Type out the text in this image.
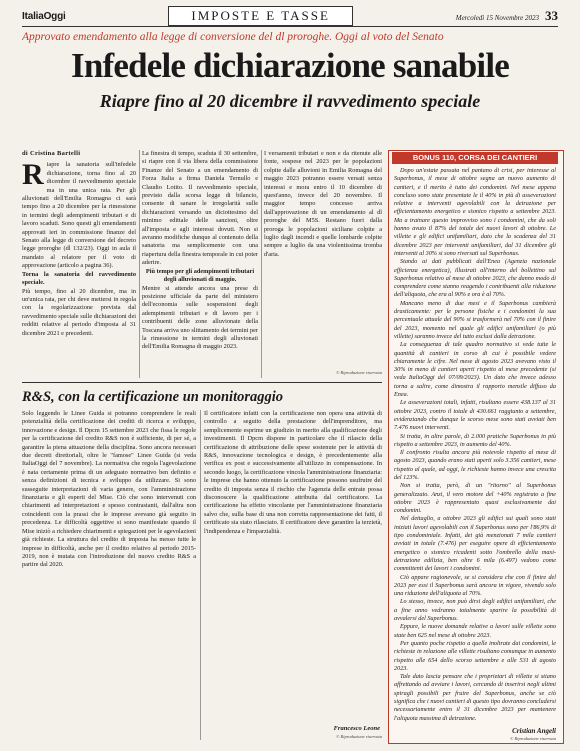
ItaliaOggi	IMPOSTE E TASSE	Mercoledì 15 Novembre 2023 33
Approvato emendamento alla legge di conversione del dl proroghe. Oggi al voto del Senato
Infedele dichiarazione sanabile
Riapre fino al 20 dicembre il ravvedimento speciale
di Cristina Bartelli

R iapre la sanatoria sull'infedele dichiarazione, torna fino al 20 dicembre il ravvedimento speciale ma in una unica rata. Per gli alluvionati dell'Emilia Romagna ci sarà tempo fino a 20 dicembre per la rimessione in termini degli adempimenti tributari e di lavoro scaduti. Sono questi gli emendamenti approvati ieri in commissione finanze del Senato alla legge di conversione del decreto legge proroghe (dl 132/23). Oggi in aula il mandato al relatore per il voto di approvazione (articolo a pagina 36).

Torna la sanatoria del ravvedimento speciale.

Più tempo, fino al 20 dicembre, ma in un'unica rata, per chi deve mettersi in regola con la regolarizzazione prevista dal ravvedimento speciale sulle dichiarazioni dei redditi relative al periodo d'imposta al 31 dicembre 2021 e precedenti.

La finestra di tempo, scaduta il 30 settembre, si riapre con il via libera della commissione Finanze del Senato a un emendamento di Forza Italia a firma Daniela Ternullo e Claudio Lotito. Il ravvedimento speciale, previsto dalla scorsa legge di bilancio, consente di sanare le irregolarità sulle dichiarazioni versando un diciottesimo del minimo edittale delle sanzioni, oltre all'imposta e agli interessi dovuti. Non si avranno modifiche dunque al contenuto della sanatoria ma semplicemente con una riapertura della finestra temporale in cui poter aderire.

Più tempo per gli adempimenti tributari degli alluvionati di maggio.

Mentre si attende ancora una prese di posizione ufficiale da parte del ministero dell'economia sulle sospensioni degli adempimenti tributari e di lavoro per i contribuenti delle zone alluvionate della Toscana arriva uno slittamento dei termini per la rimessione in termini degli alluvionati dell'Emilia Romagna di maggio 2023.

I versamenti tributari e non e da ritenute alle fonte, sospese nel 2023 per le popolazioni colpite dalle alluvioni in Emilia Romagna del maggio 2023 potranno essere versati senza interessi e mora entro il 10 dicembre di quest'anno, invece del 20 novembre. Il maggior tempo concesso arriva dall'approvazione di un emendamento al dl proroghe del M5S. Restano fuori dalla proroga le popolazioni siciliane colpite a luglio dagli incendi e quelle lombarde colpite sempre a luglio da una violentissima tromba d'aria.

© Riproduzione riservata
R&S, con la certificazione un monitoraggio

Solo leggendo le Linee Guida si potranno comprendere le reali potenzialità della certificazione dei crediti di ricerca e sviluppo, innovazione e design. Il Dpcm 15 settembre 2023 che fissa le regole per la certificazione del credito R&S non è sufficiente, di per sé, a garantire la piena attuazione della disciplina. Sono ancora necessari due decreti direttoriali, oltre le "famose" Linee Guida (si veda ItaliaOggi del 7 novembre). La normativa che regola l'agevolazione è nata certamente prima di un adeguato normativo ben definito e senza definizioni di tecnica e sviluppo da utilizzare. Si sono susseguite interpretazioni di varia genere, con l'amministrazione finanziaria e gli esperti del Mise. Ciò che sono intervenuti con chiarimenti ad interpretazioni e spesso contrastanti, dall'altra non coincidenti con la prassi che le imprese avevano già seguito in precedenza. Le difficoltà oggettive si sono manifestate quando il Mise iniziò a richiedere chiarimenti e spiegazioni per le agevolazioni già richieste. La struttura del credito di imposta ha messo tutte le imprese in difficoltà, anche per il credito relativo al periodo 2015-2019, non è mutata con l'introduzione del nuovo credito R&S a partire dal 2020.

Il certificatore infatti con la certificazione non opera una attività di controllo a seguito della prestazione dell'imprenditore, ma semplicemente esprime un giudizio in merito alla qualificazione degli investimenti. Il Dpcm dispone in particolare che il rilascio della certificazione di attribuzione delle spese sostenute per le attività di R&S, innovazione tecnologica e design, è precedentemente alla verifica ex post e successivamente all'utilizzo in compensazione. In secondo luogo, la certificazione vincola l'amministrazione finanziaria: le imprese che hanno ottenuto la certificazione possono usufruire del credito di imposta senza il rischio che l'agenzia delle entrate possa disconoscere la qualificazione attribuita dal certificatore. La certificazione ha effetto vincolante per l'amministrazione finanziaria salvo che, sulla base di una non corretta rappresentazione dei fatti, il certificato sia stato rilasciato. Il certificatore deve garantire la terzietà, l'indipendenza e l'imparzialità.

Francesco Leone
© Riproduzione riservata
BONUS 110, CORSA DEI CANTIERI

Dopo un'estate passata nel pantano di crisi, per interesse al Superbonus, il mese di ottobre segna un nuovo aumento di cantieri, e il merito è tutto dei condomini. Nel mese appena concluso sono state presentate le il 40% in più di asseverazioni relative a interventi agevolabili con la detrazione per efficientamento energetico e sismico rispetto a settembre 2023. Ma a trainare questo improvviso sono i condomini, che da soli hanno avuto il 87% del totale dei nuovi lavori di ottobre. Le villette e gli edifici unifamiliari, dato che la scadenza del 31 dicembre 2023 per interventi unifamiliari, dal 31 dicembre gli interventi al 30% si sono riversati sul Superbonus.

Stando ai dati pubblicati dall'Enea (Agenzia nazionale efficienza energetica), illustrati all'interno del bollettino sul Superbonus relativo al mese di ottobre 2023, che danno modo di comprendere come stanno reagendo i contribuenti alla riduzione dell'aliquota, che era al 90% e ora è al 70%.

Mancano meno di due mesi e il Superbonus cambierà drasticamente: per le persone fisiche e i condomini la sua percentuale attuale del 90% si trasformerà nel 70% con il finire del 2023, momento nel quale gli edifici unifamiliari (o più villette) saranno invece del tutto esclusi dalla detrazione.

La conseguenza di tale quadro normativo si vede tutte le quantità di cantieri in corso di cui è possibile vedere chiaramente le cifre. Nel mese di agosto 2023 avevano visto il 30% in meno di cantieri aperti rispetto al mese precedente (si veda ItaliaOggi del 07/09/2023). Un dato che invece adesso torna a salire, come dimostra il rapporto mensile diffuso da Enea.

Le asseverazioni totali, infatti, risultano essere 438.137 al 31 ottobre 2023, contro il totale di 430.661 raggiunto a settembre, evidenziando che dunque le scorso mese sono stati avviati ben 7.476 nuovi interventi.

Si tratta, in altre parole, di 2.000 pratiche Superbonus in più rispetto a settembre 2023, in aumento del 40%.

Il confronto risulta ancora più notevole rispetto al mese di agosto 2023, quando erano stati aperti solo 3.356 cantieri, mese rispetto al quale, ad oggi, le richieste hanno invece una crescita del 123%.

Non si tratta, però, di un "ritorno" al Superbonus generalizzato. Anzi, il vero motore del +40% registrato a fine ottobre 2023 è rappresentato quasi esclusivamente dai condomini.

Nel dettaglio, a ottobre 2023 gli edifici sui quali sono stati iniziati lavori agevolabili con il Superbonus sono per l'86,9% di tipo condominiale. Infatti, dei già menzionati 7 mila cantieri avviati in totale (7.476) per eseguire opere di efficientamento energetico o sismico ricadenti sotto l'ombrello della maxi-detrazione edilizia, ben oltre 6 mila (6.497) vedono come committenti dei lavori i condomini.

Ciò appare ragionevole, se si considera che con il finire del 2023 per essi il Superbonus sarà ancora in vigore, vivendo solo una riduzione dell'aliquota al 70%.

Lo stesso, invece, non può dirsi degli edifici unifamiliari, che a fine anno vedranno totalmente sparire la possibilità di avvalersi del Superbonus.

Eppure, le nuove domande relative a lavori sulle villette sono state ben 625 nel mese di ottobre 2023.

Per quanto poche rispetto a quelle inoltrate dai condomini, le richieste in relazione alle villette risultano comunque in aumento rispetto alle 654 dello scorso settembre e alle 531 di agosto 2023.

Tale dato lascia pensare che i proprietari di villette si stiano affrettando ad avviare i lavori, cercando di inserirsi negli ultimi spiragli possibili per fruire del Superbonus, anche se ciò significa che i nuovi cantieri di questo tipo dovranno concludersi necessariamente entro il 31 dicembre 2023 per mantenere l'aliquota massima di detrazione.

Cristian Angeli
© Riproduzione riservata
